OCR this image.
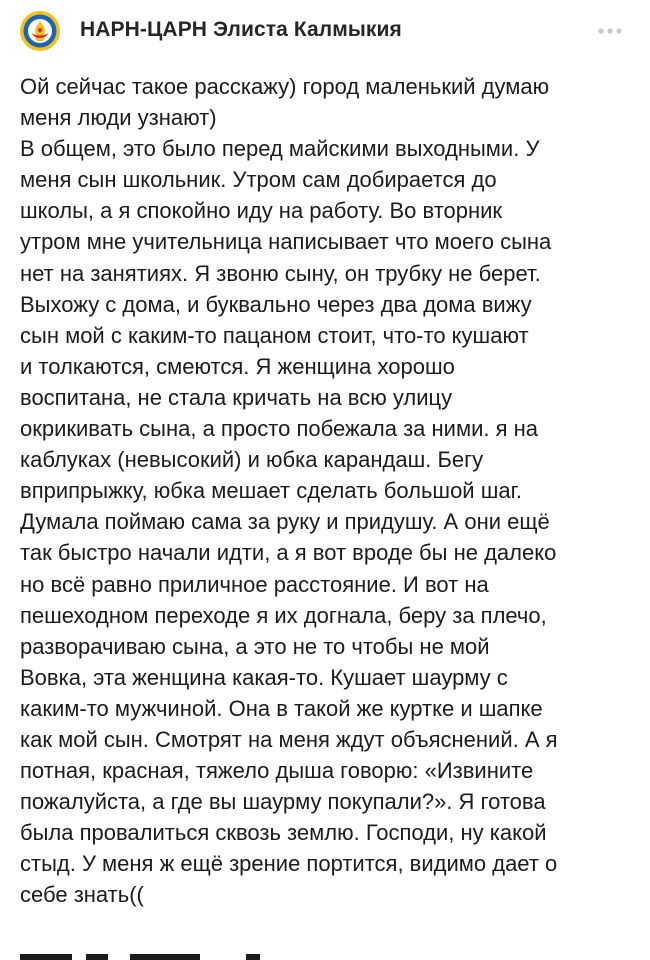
НАРН-ЦАРН Элиста Калмыкия
Ой сейчас такое расскажу) город маленький думаю
меня люди узнают)
В общем, это было перед майскими выходными. У
меня сын школьник. Утром сам добирается до
школы, а я спокойно иду на работу. Во вторник
утром мне учительница написывает что моего сына
нет на занятиях. Я звоню сыну, он трубку не берет.
Выхожу с дома, и буквально через два дома вижу
сын мой с каким-то пацаном стоит, что-то кушают
и толкаются, смеются. Я женщина хорошо
воспитана, не стала кричать на всю улицу
окрикивать сына, а просто побежала за ними. я на
каблуках (невысокий) и юбка карандаш. Бегу
вприпрыжку, юбка мешает сделать большой шаг.
Думала поймаю сама за руку и придушу. А они ещё
так быстро начали идти, а я вот вроде бы не далеко
но всё равно приличное расстояние. И вот на
пешеходном переходе я их догнала, беру за плечо,
разворачиваю сына, а это не то чтобы не мой
Вовка, эта женщина какая-то. Кушает шаурму с
каким-то мужчиной. Она в такой же куртке и шапке
как мой сын. Смотрят на меня ждут объяснений. А я
потная, красная, тяжело дыша говорю: «Извините
пожалуйста, а где вы шаурму покупали?». Я готова
была провалиться сквозь землю. Господи, ну какой
стыд. У меня ж ещё зрение портится, видимо дает о
себе знать((
